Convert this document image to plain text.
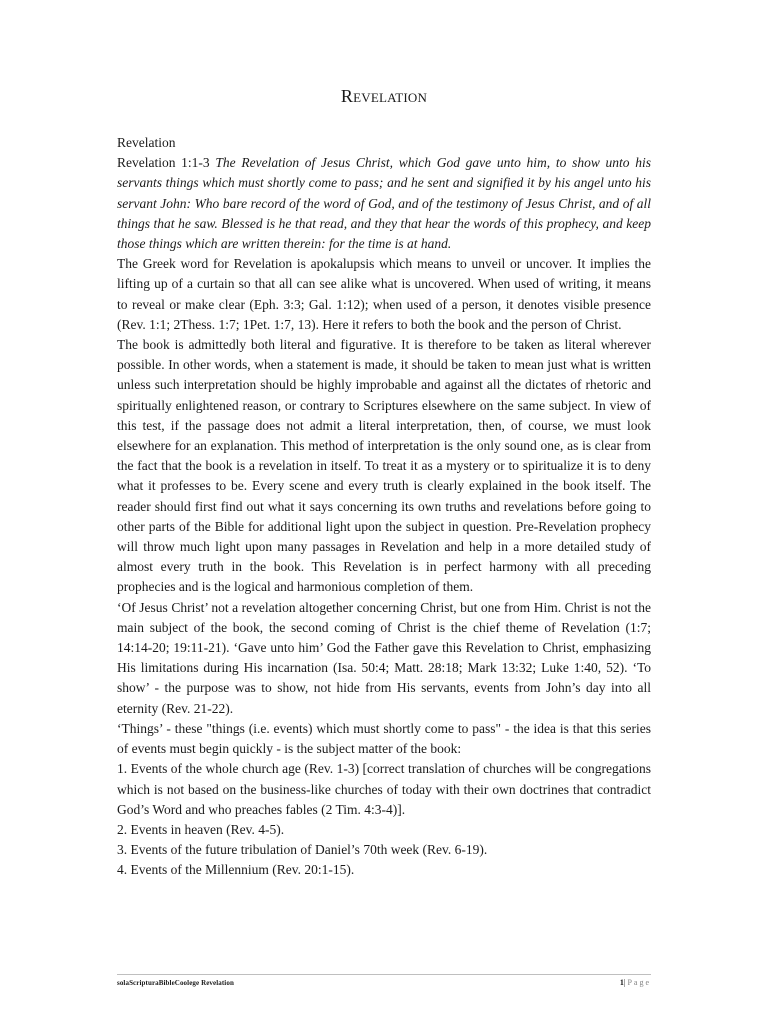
Revelation

Revelation

Revelation 1:1-3 The Revelation of Jesus Christ, which God gave unto him, to show unto his servants things which must shortly come to pass; and he sent and signified it by his angel unto his servant John: Who bare record of the word of God, and of the testimony of Jesus Christ, and of all things that he saw. Blessed is he that read, and they that hear the words of this prophecy, and keep those things which are written therein: for the time is at hand.

The Greek word for Revelation is apokalupsis which means to unveil or uncover. It implies the lifting up of a curtain so that all can see alike what is uncovered. When used of writing, it means to reveal or make clear (Eph. 3:3; Gal. 1:12); when used of a person, it denotes visible presence (Rev. 1:1; 2Thess. 1:7; 1Pet. 1:7, 13). Here it refers to both the book and the person of Christ.

The book is admittedly both literal and figurative. It is therefore to be taken as literal wherever possible. In other words, when a statement is made, it should be taken to mean just what is written unless such interpretation should be highly improbable and against all the dictates of rhetoric and spiritually enlightened reason, or contrary to Scriptures elsewhere on the same subject. In view of this test, if the passage does not admit a literal interpretation, then, of course, we must look elsewhere for an explanation. This method of interpretation is the only sound one, as is clear from the fact that the book is a revelation in itself. To treat it as a mystery or to spiritualize it is to deny what it professes to be. Every scene and every truth is clearly explained in the book itself. The reader should first find out what it says concerning its own truths and revelations before going to other parts of the Bible for additional light upon the subject in question. Pre-Revelation prophecy will throw much light upon many passages in Revelation and help in a more detailed study of almost every truth in the book. This Revelation is in perfect harmony with all preceding prophecies and is the logical and harmonious completion of them.

‘Of Jesus Christ’ not a revelation altogether concerning Christ, but one from Him. Christ is not the main subject of the book, the second coming of Christ is the chief theme of Revelation (1:7; 14:14-20; 19:11-21). ‘Gave unto him’ God the Father gave this Revelation to Christ, emphasizing His limitations during His incarnation (Isa. 50:4; Matt. 28:18; Mark 13:32; Luke 1:40, 52). ‘To show’ - the purpose was to show, not hide from His servants, events from John’s day into all eternity (Rev. 21-22).

‘Things’ - these "things (i.e. events) which must shortly come to pass" - the idea is that this series of events must begin quickly - is the subject matter of the book:

1. Events of the whole church age (Rev. 1-3) [correct translation of churches will be congregations which is not based on the business-like churches of today with their own doctrines that contradict God’s Word and who preaches fables (2 Tim. 4:3-4)].

2. Events in heaven (Rev. 4-5).

3. Events of the future tribulation of Daniel’s 70th week (Rev. 6-19).

4. Events of the Millennium (Rev. 20:1-15).

solaScripturaBibleCoolege Revelation	1| Page
